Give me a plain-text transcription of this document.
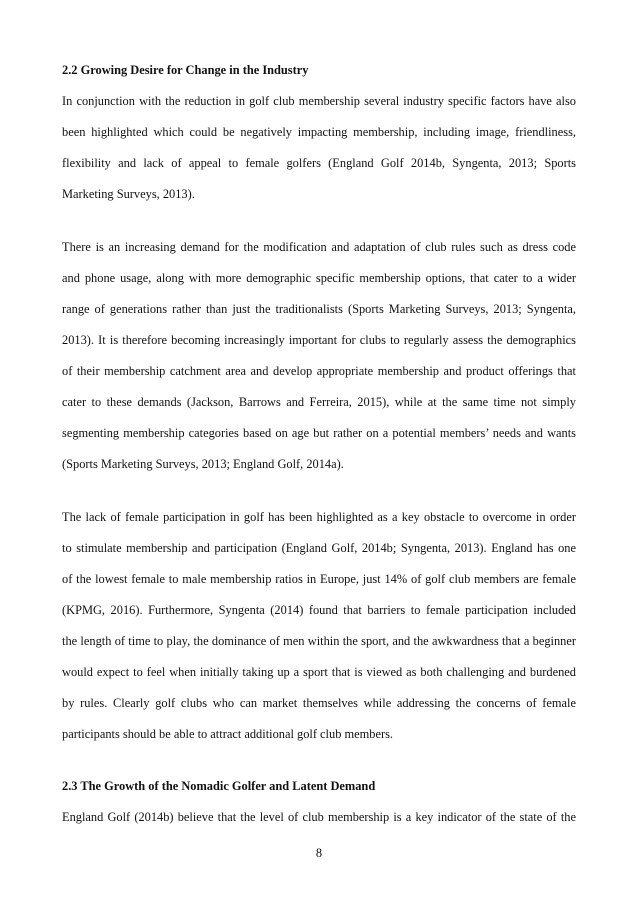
2.2 Growing Desire for Change in the Industry
In conjunction with the reduction in golf club membership several industry specific factors have also
been highlighted which could be negatively impacting membership, including image, friendliness,
flexibility and lack of appeal to female golfers (England Golf 2014b, Syngenta, 2013; Sports
Marketing Surveys, 2013).
There is an increasing demand for the modification and adaptation of club rules such as dress code
and phone usage, along with more demographic specific membership options, that cater to a wider
range of generations rather than just the traditionalists (Sports Marketing Surveys, 2013; Syngenta,
2013). It is therefore becoming increasingly important for clubs to regularly assess the demographics
of their membership catchment area and develop appropriate membership and product offerings that
cater to these demands (Jackson, Barrows and Ferreira, 2015), while at the same time not simply
segmenting membership categories based on age but rather on a potential members’ needs and wants
(Sports Marketing Surveys, 2013; England Golf, 2014a).
The lack of female participation in golf has been highlighted as a key obstacle to overcome in order
to stimulate membership and participation (England Golf, 2014b; Syngenta, 2013). England has one
of the lowest female to male membership ratios in Europe, just 14% of golf club members are female
(KPMG, 2016). Furthermore, Syngenta (2014) found that barriers to female participation included
the length of time to play, the dominance of men within the sport, and the awkwardness that a beginner
would expect to feel when initially taking up a sport that is viewed as both challenging and burdened
by rules. Clearly golf clubs who can market themselves while addressing the concerns of female
participants should be able to attract additional golf club members.
2.3 The Growth of the Nomadic Golfer and Latent Demand
England Golf (2014b) believe that the level of club membership is a key indicator of the state of the
8
